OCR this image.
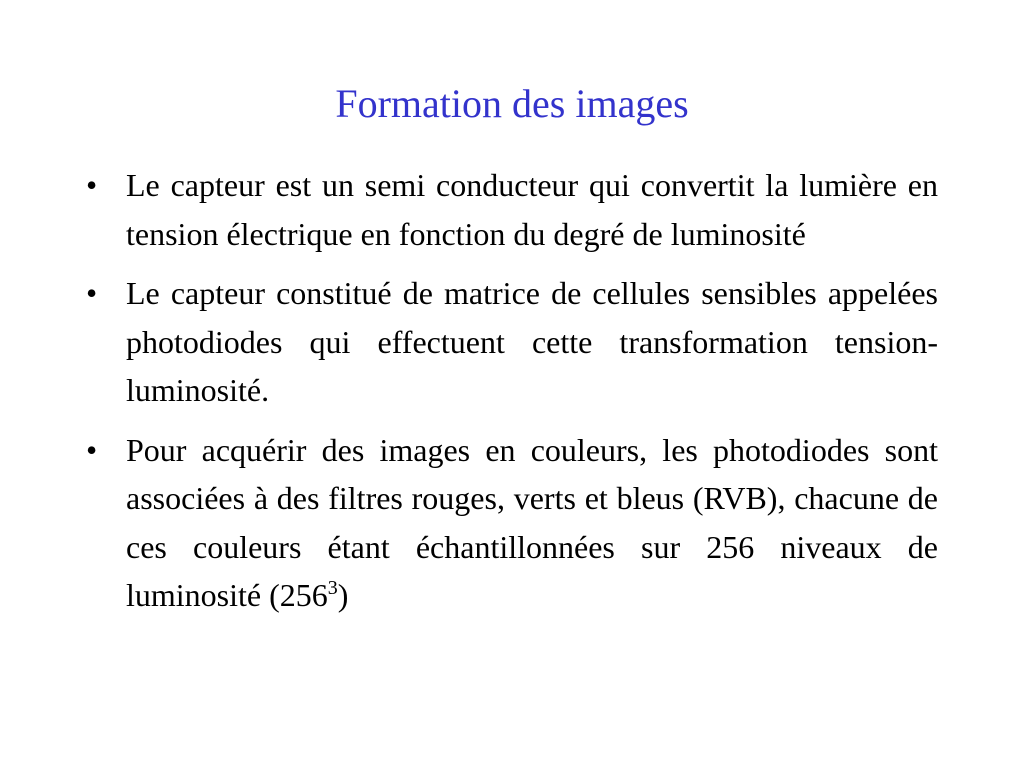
Formation des images
• Le capteur est un semi conducteur qui convertit la lumière en tension électrique en fonction du degré de luminosité
• Le capteur constitué de matrice de cellules sensibles appelées photodiodes qui effectuent cette transformation tension-luminosité.
• Pour acquérir des images en couleurs, les photodiodes sont associées à des filtres rouges, verts et bleus (RVB), chacune de ces couleurs étant échantillonnées sur 256 niveaux de luminosité $(256^3)$
